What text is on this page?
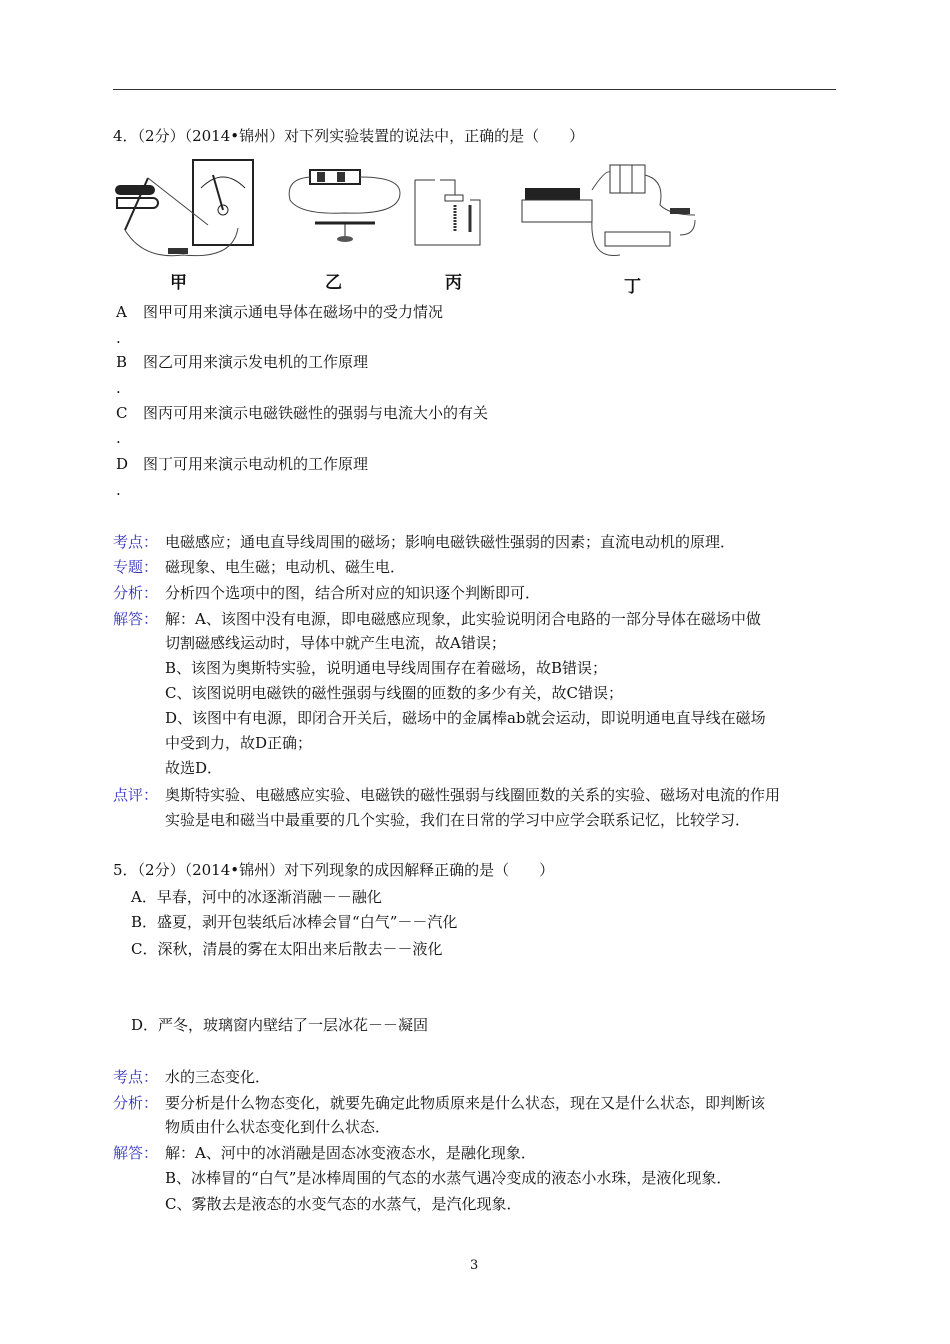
4．（2分）（2014•锦州）对下列实验装置的说法中，正确的是（　　）
甲	乙	丙	丁
A 图甲可用来演示通电导体在磁场中的受力情况
.
B 图乙可用来演示发电机的工作原理
.
C 图丙可用来演示电磁铁磁性的强弱与电流大小的有关
.
D 图丁可用来演示电动机的工作原理
.
考点： 电磁感应；通电直导线周围的磁场；影响电磁铁磁性强弱的因素；直流电动机的原理．
专题： 磁现象、电生磁；电动机、磁生电．
分析： 分析四个选项中的图，结合所对应的知识逐个判断即可．
解答： 解：A、该图中没有电源，即电磁感应现象，此实验说明闭合电路的一部分导体在磁场中做
切割磁感线运动时，导体中就产生电流，故A错误；
B、该图为奥斯特实验，说明通电导线周围存在着磁场，故B错误；
C、该图说明电磁铁的磁性强弱与线圈的匝数的多少有关，故C错误；
D、该图中有电源，即闭合开关后，磁场中的金属棒ab就会运动，即说明通电直导线在磁场
中受到力，故D正确；
故选D．
点评： 奥斯特实验、电磁感应实验、电磁铁的磁性强弱与线圈匝数的关系的实验、磁场对电流的作用
实验是电和磁当中最重要的几个实验，我们在日常的学习中应学会联系记忆，比较学习．
5．（2分）（2014•锦州）对下列现象的成因解释正确的是（　　）
A．早春，河中的冰逐渐消融－－融化
B．盛夏，剥开包装纸后冰棒会冒“白气”－－汽化
C．深秋，清晨的雾在太阳出来后散去－－液化
D．严冬，玻璃窗内壁结了一层冰花－－凝固
考点： 水的三态变化．
分析： 要分析是什么物态变化，就要先确定此物质原来是什么状态，现在又是什么状态，即判断该
物质由什么状态变化到什么状态．
解答： 解：A、河中的冰消融是固态冰变液态水，是融化现象．
B、冰棒冒的“白气”是冰棒周围的气态的水蒸气遇冷变成的液态小水珠，是液化现象．
C、雾散去是液态的水变气态的水蒸气，是汽化现象．
3
